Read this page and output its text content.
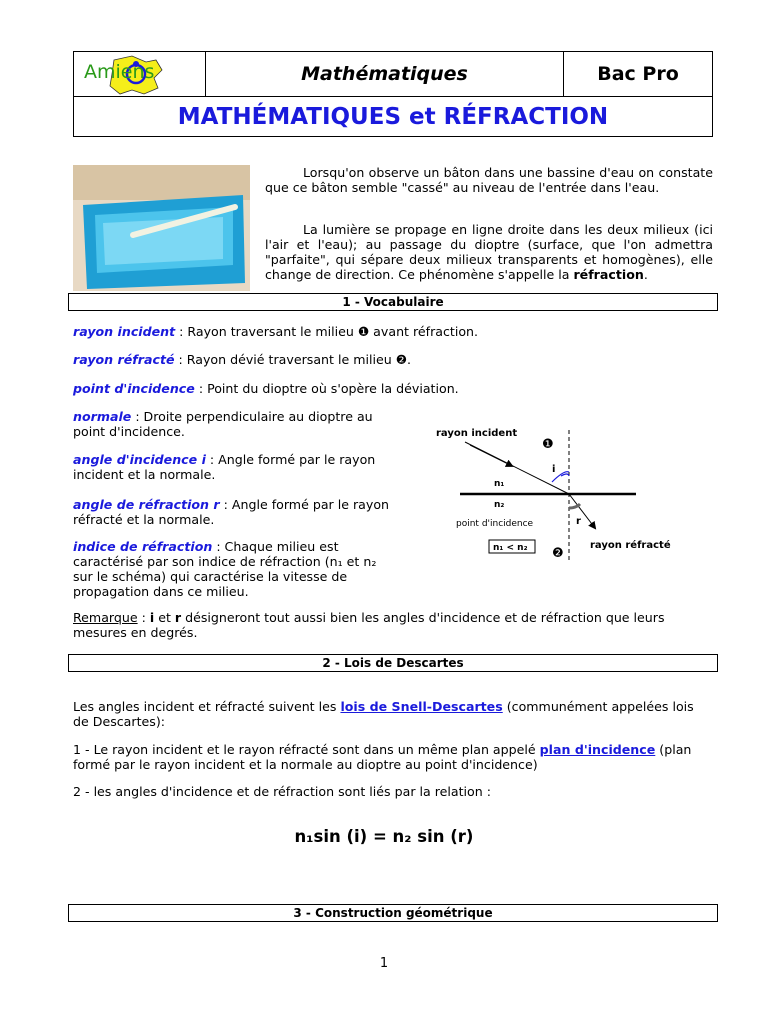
Amiens	Mathématiques	Bac Pro
MATHÉMATIQUES et RÉFRACTION
Lorsqu'on observe un bâton dans une bassine d'eau on constate que ce bâton semble "cassé" au niveau de l'entrée dans l'eau.
La lumière se propage en ligne droite dans les deux milieux (ici l'air et l'eau); au passage du dioptre (surface, que l'on admettra "parfaite", qui sépare deux milieux transparents et homogènes), elle change de direction. Ce phénomène s'appelle la réfraction.
1 - Vocabulaire
rayon incident : Rayon traversant le milieu ❶ avant réfraction.
rayon réfracté : Rayon dévié traversant le milieu ❷.
point d'incidence : Point du dioptre où s'opère la déviation.
normale : Droite perpendiculaire au dioptre au point d'incidence.
angle d'incidence i : Angle formé par le rayon incident et la normale.
angle de réfraction r : Angle formé par le rayon réfracté et la normale.
indice de réfraction : Chaque milieu est caractérisé par son indice de réfraction (n₁ et n₂ sur le schéma) qui caractérise la vitesse de propagation dans ce milieu.
rayon incident
❶
i
n₁
n₂
point d'incidence	r
n₁ < n₂ ❷
rayon réfracté
Remarque : i et r désigneront tout aussi bien les angles d'incidence et de réfraction que leurs mesures en degrés.
2 - Lois de Descartes
Les angles incident et réfracté suivent les lois de Snell-Descartes (communément appelées lois de Descartes):
1 - Le rayon incident et le rayon réfracté sont dans un même plan appelé plan d'incidence (plan formé par le rayon incident et la normale au dioptre au point d'incidence)
2 - les angles d'incidence et de réfraction sont liés par la relation :
n₁sin (i) = n₂ sin (r)
3 - Construction géométrique
1
